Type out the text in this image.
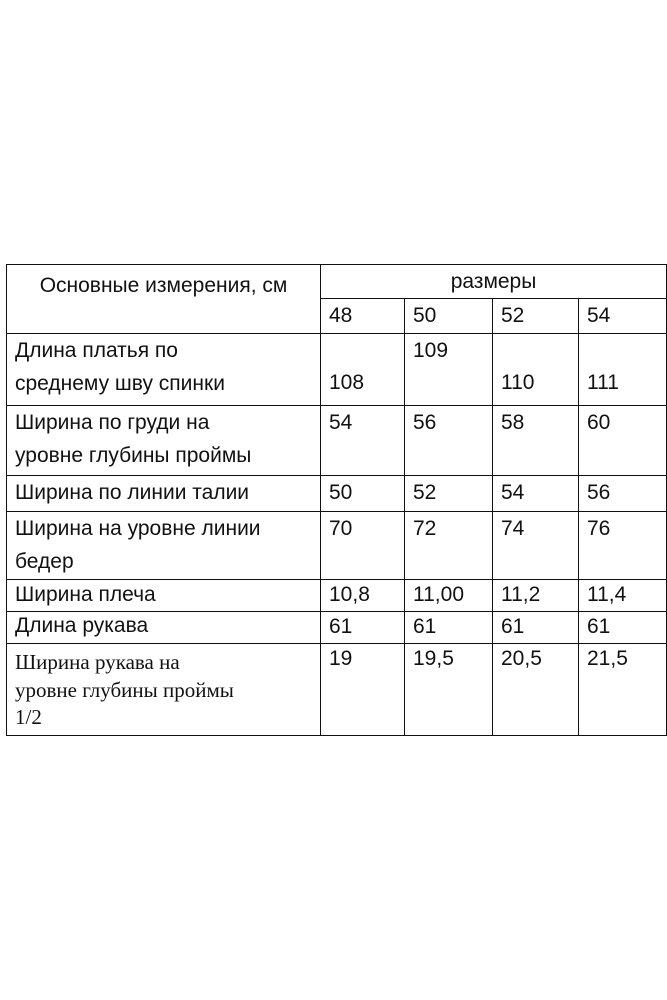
Основные измерения, см	размеры			
	48	50	52	54

Длина платья по
среднему шву спинки	108	109	110	111

Ширина по груди на
уровне глубины проймы	54	56	58	60

Ширина по линии талии	50	52	54	56

Ширина на уровне линии
бедер	70	72	74	76

Ширина плеча	10,8	11,00	11,2	11,4

Длина рукава	61	61	61	61

Ширина рукава на
уровне глубины проймы
1/2	19	19,5	20,5	21,5
